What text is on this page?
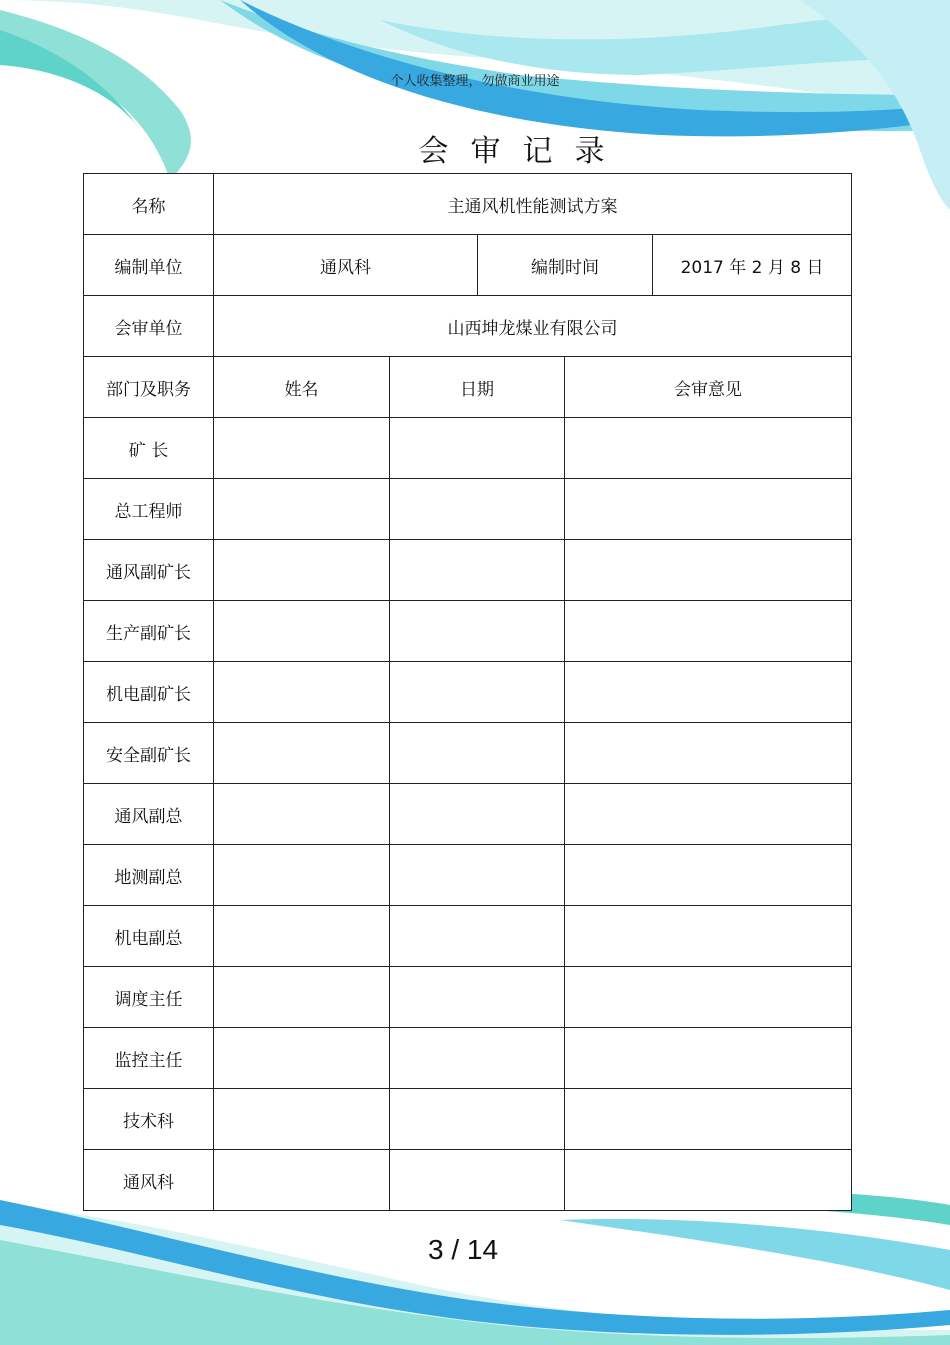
个人收集整理，勿做商业用途
会审记录
名称	主通风机性能测试方案				
编制单位	通风科		编制时间		2017 年 2 月 8 日
会审单位	山西坤龙煤业有限公司				
部门及职务	姓名	日期		会审意见	
矿 长					
总工程师					
通风副矿长					
生产副矿长					
机电副矿长					
安全副矿长					
通风副总					
地测副总					
机电副总					
调度主任					
监控主任					
技术科					
通风科					
3 / 14
